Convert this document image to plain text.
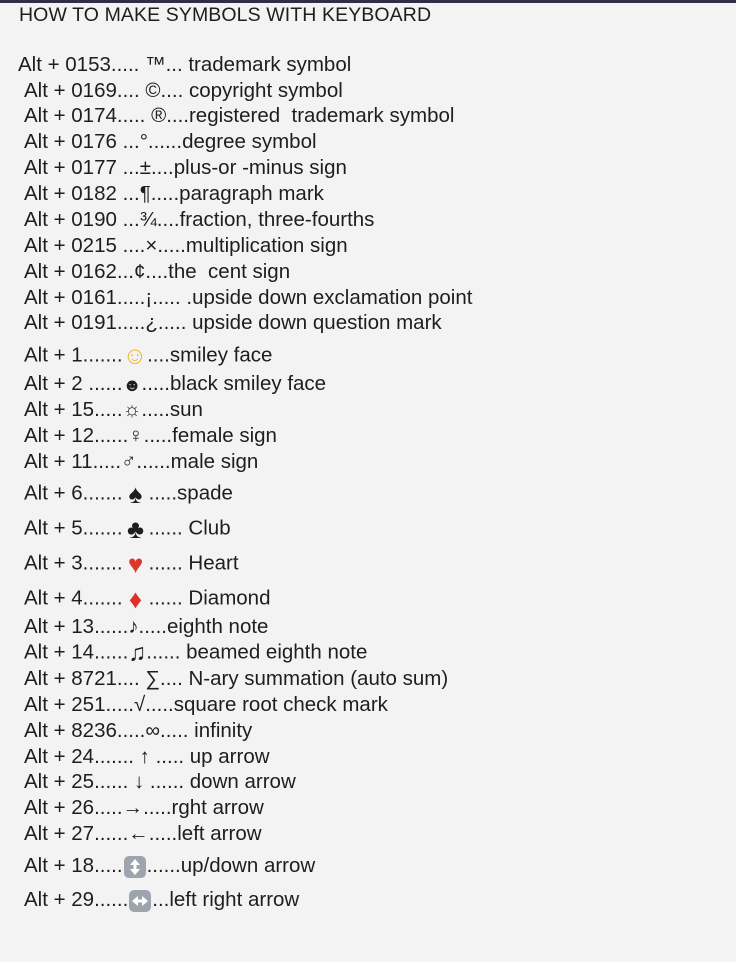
HOW TO MAKE SYMBOLS WITH KEYBOARD
Alt + 0153..... ™... trademark symbol
Alt + 0169.... ©.... copyright symbol
Alt + 0174..... ®....registered  trademark symbol
Alt + 0176 ...°......degree symbol
Alt + 0177 ...±....plus-or -minus sign
Alt + 0182 ...¶.....paragraph mark
Alt + 0190 ...¾....fraction, three-fourths
Alt + 0215 ....×.....multiplication sign
Alt + 0162...¢....the  cent sign
Alt + 0161.....¡..... .upside down exclamation point
Alt + 0191.....¿..... upside down question mark
Alt + 1.......☺....smiley face
Alt + 2 ......☻.....black smiley face
Alt + 15.....☼.....sun
Alt + 12......♀.....female sign
Alt + 11.....♂......male sign
Alt + 6....... ♠ .....spade
Alt + 5....... ♣ ...... Club
Alt + 3....... ♥ ...... Heart
Alt + 4....... ♦ ...... Diamond
Alt + 13......♪.....eighth note
Alt + 14......♫...... beamed eighth note
Alt + 8721.... ∑.... N-ary summation (auto sum)
Alt + 251.....√.....square root check mark
Alt + 8236.....∞..... infinity
Alt + 24....... ↑ ..... up arrow
Alt + 25...... ↓ ...... down arrow
Alt + 26.....→.....rght arrow
Alt + 27......←.....left arrow
Alt + 18.....
......up/down arrow
Alt + 29......
...left right arrow
